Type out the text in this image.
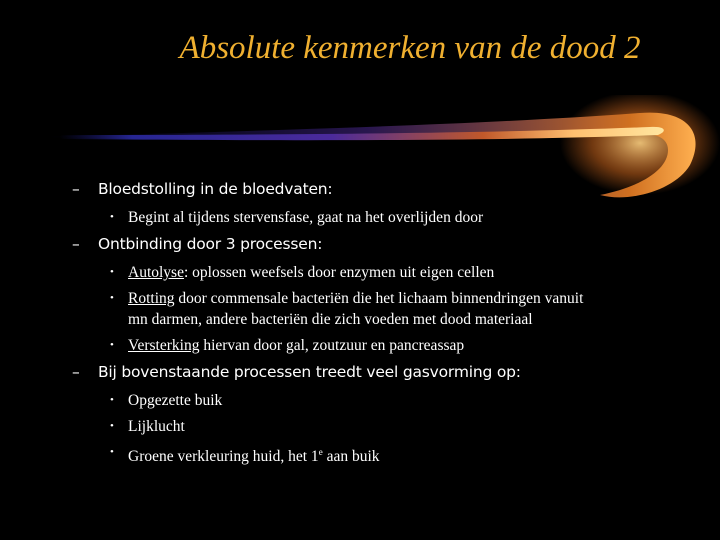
Absolute kenmerken van de dood 2
– Bloedstolling in de bloedvaten:
• Begint al tijdens stervensfase, gaat na het overlijden door
– Ontbinding door 3 processen:
• Autolyse: oplossen weefsels door enzymen uit eigen cellen
• Rotting door commensale bacteriën die het lichaam binnendringen vanuit
mn darmen, andere bacteriën die zich voeden met dood materiaal
• Versterking hiervan door gal, zoutzuur en pancreassap
– Bij bovenstaande processen treedt veel gasvorming op:
• Opgezette buik
• Lijklucht
• Groene verkleuring huid, het 1e aan buik
